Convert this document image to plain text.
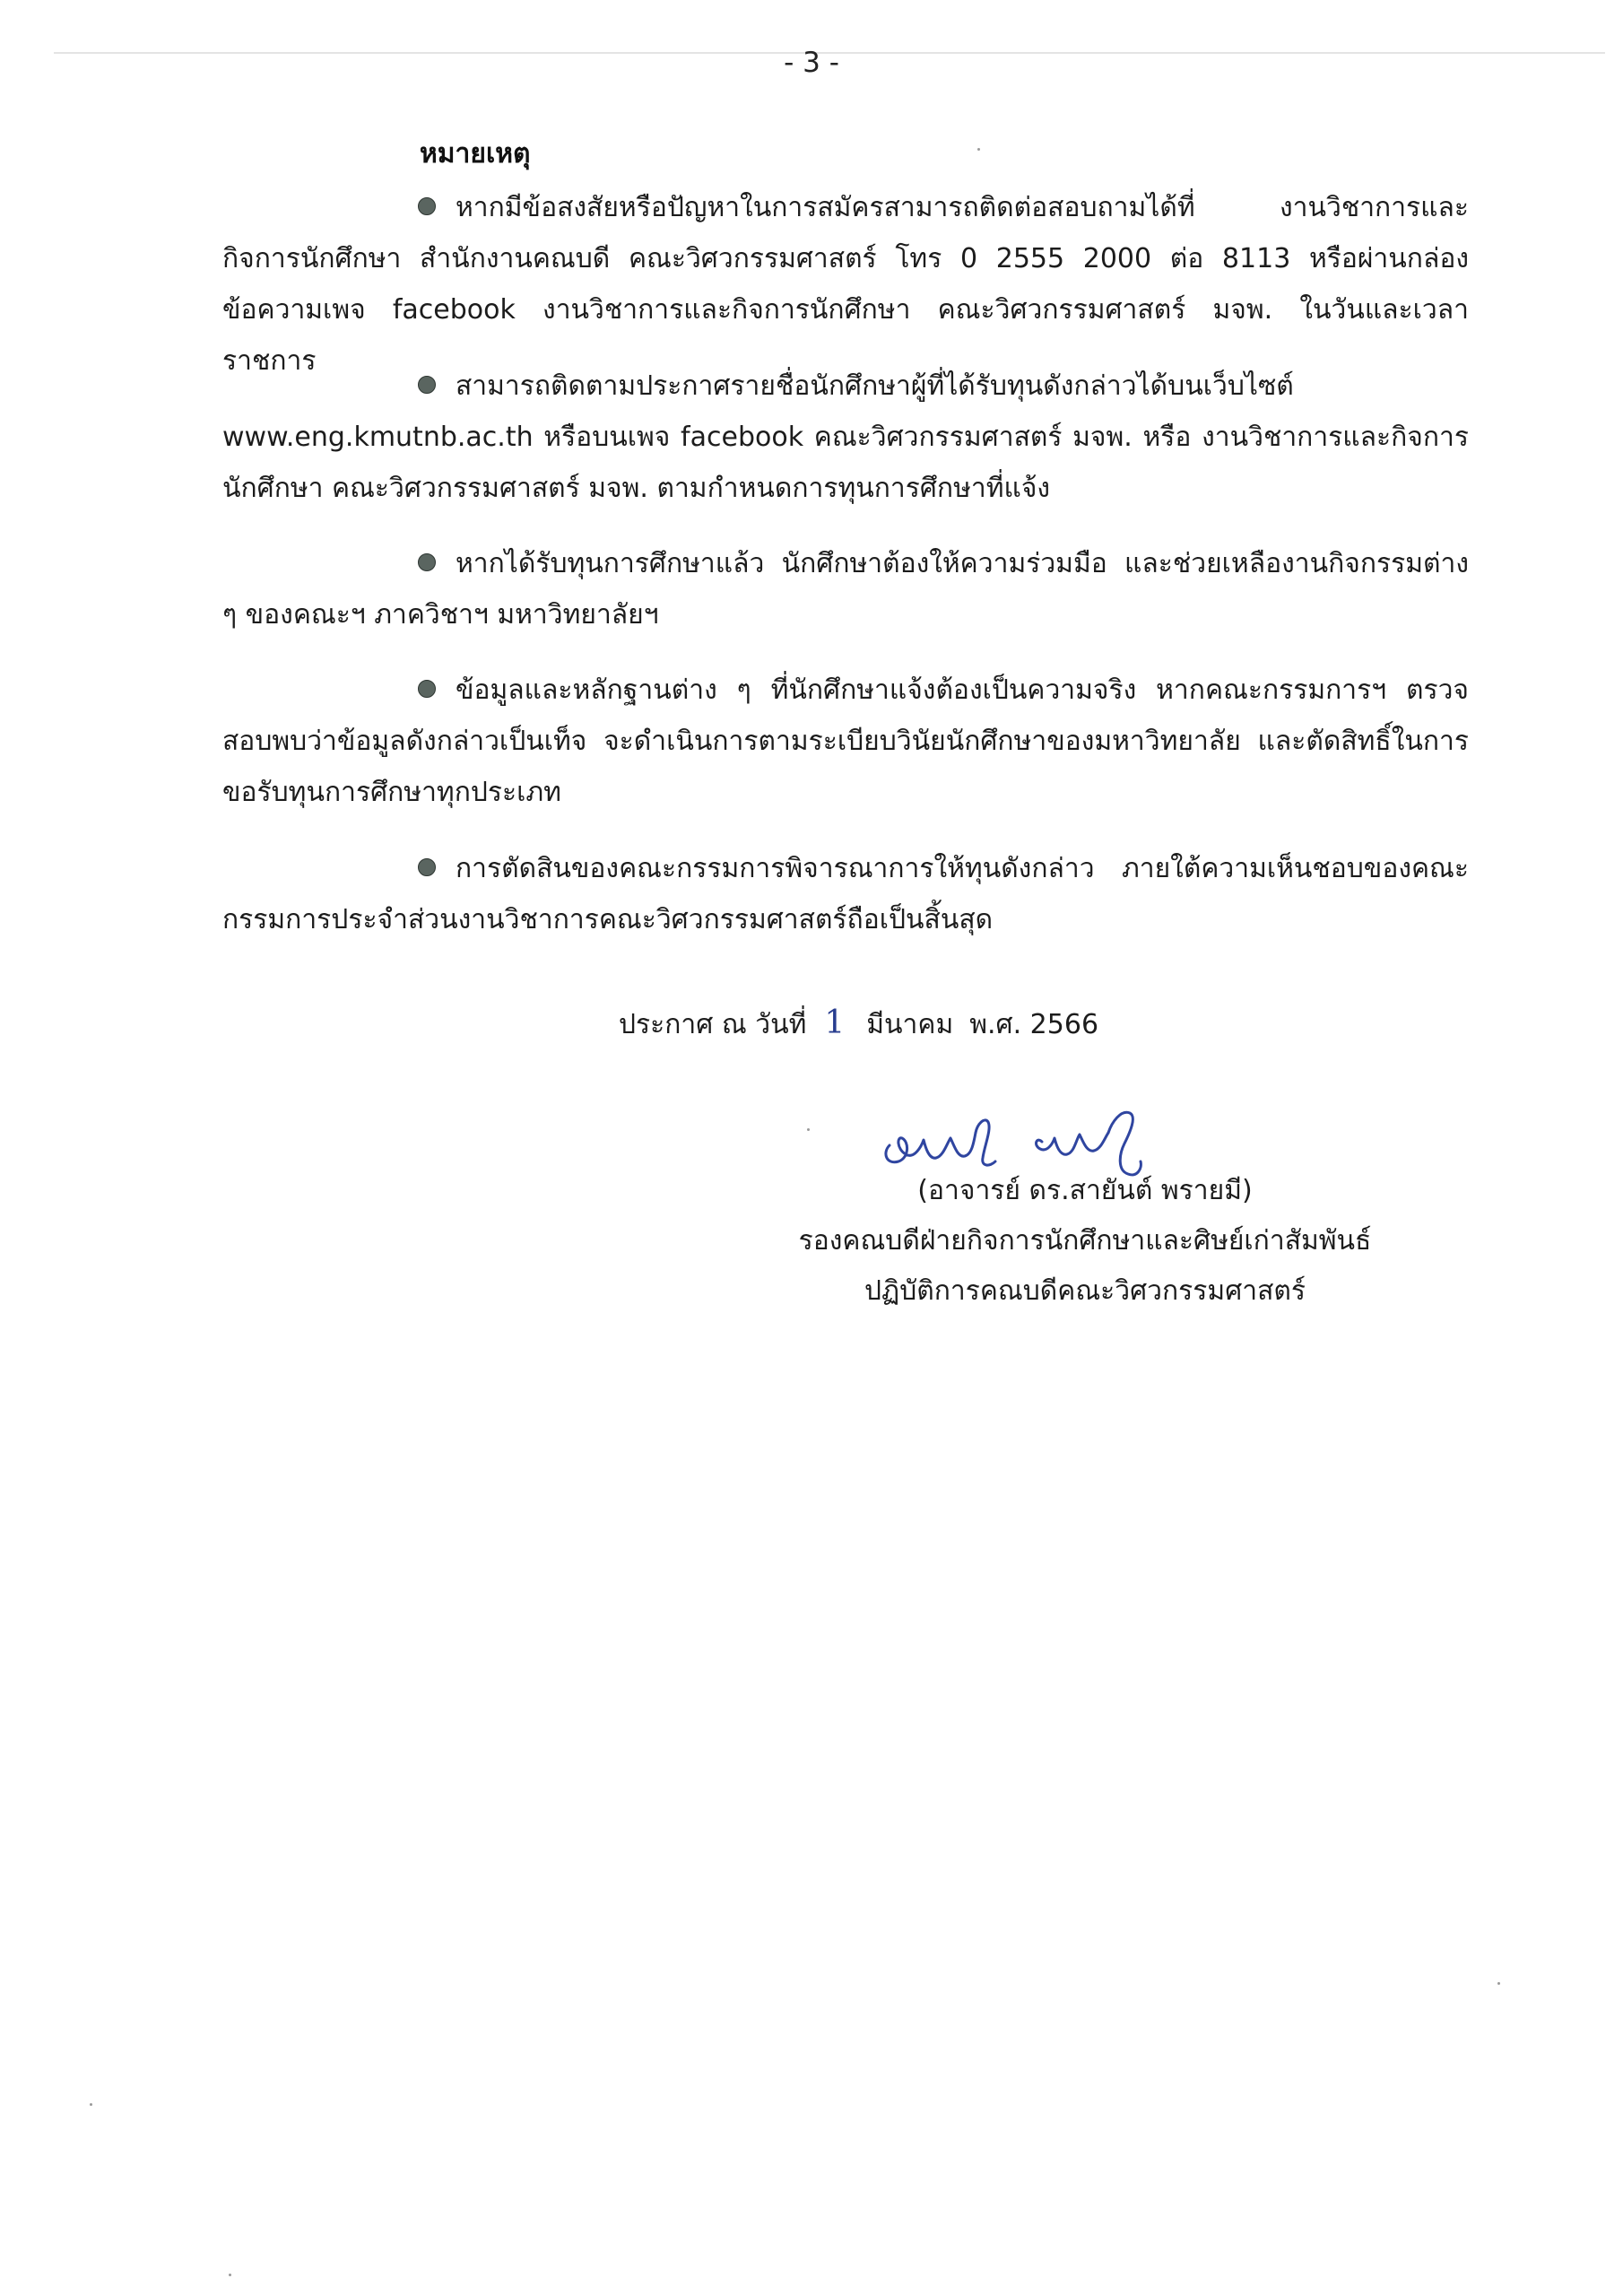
- 3 -
หมายเหตุ
หากมีข้อสงสัยหรือปัญหาในการสมัครสามารถติดต่อสอบถามได้ที่ งานวิชาการและกิจการนักศึกษา สำนักงานคณบดี คณะวิศวกรรมศาสตร์ โทร 0 2555 2000 ต่อ 8113 หรือผ่านกล่องข้อความเพจ facebook งานวิชาการและกิจการนักศึกษา คณะวิศวกรรมศาสตร์ มจพ. ในวันและเวลาราชการ
สามารถติดตามประกาศรายชื่อนักศึกษาผู้ที่ได้รับทุนดังกล่าวได้บนเว็บไซต์ www.eng.kmutnb.ac.th หรือบนเพจ facebook คณะวิศวกรรมศาสตร์ มจพ. หรือ งานวิชาการและกิจการนักศึกษา คณะวิศวกรรมศาสตร์ มจพ. ตามกำหนดการทุนการศึกษาที่แจ้ง
หากได้รับทุนการศึกษาแล้ว นักศึกษาต้องให้ความร่วมมือ และช่วยเหลืองานกิจกรรมต่าง ๆ ของคณะฯ ภาควิชาฯ มหาวิทยาลัยฯ
ข้อมูลและหลักฐานต่าง ๆ ที่นักศึกษาแจ้งต้องเป็นความจริง หากคณะกรรมการฯ ตรวจสอบพบว่าข้อมูลดังกล่าวเป็นเท็จ จะดำเนินการตามระเบียบวินัยนักศึกษาของมหาวิทยาลัย และตัดสิทธิ์ในการขอรับทุนการศึกษาทุกประเภท
การตัดสินของคณะกรรมการพิจารณาการให้ทุนดังกล่าว ภายใต้ความเห็นชอบของคณะกรรมการประจำส่วนงานวิชาการคณะวิศวกรรมศาสตร์ถือเป็นสิ้นสุด
ประกาศ ณ วันที่ 1 มีนาคม พ.ศ. 2566
(อาจารย์ ดร.สายันต์ พรายมี)
รองคณบดีฝ่ายกิจการนักศึกษาและศิษย์เก่าสัมพันธ์
ปฏิบัติการคณบดีคณะวิศวกรรมศาสตร์
